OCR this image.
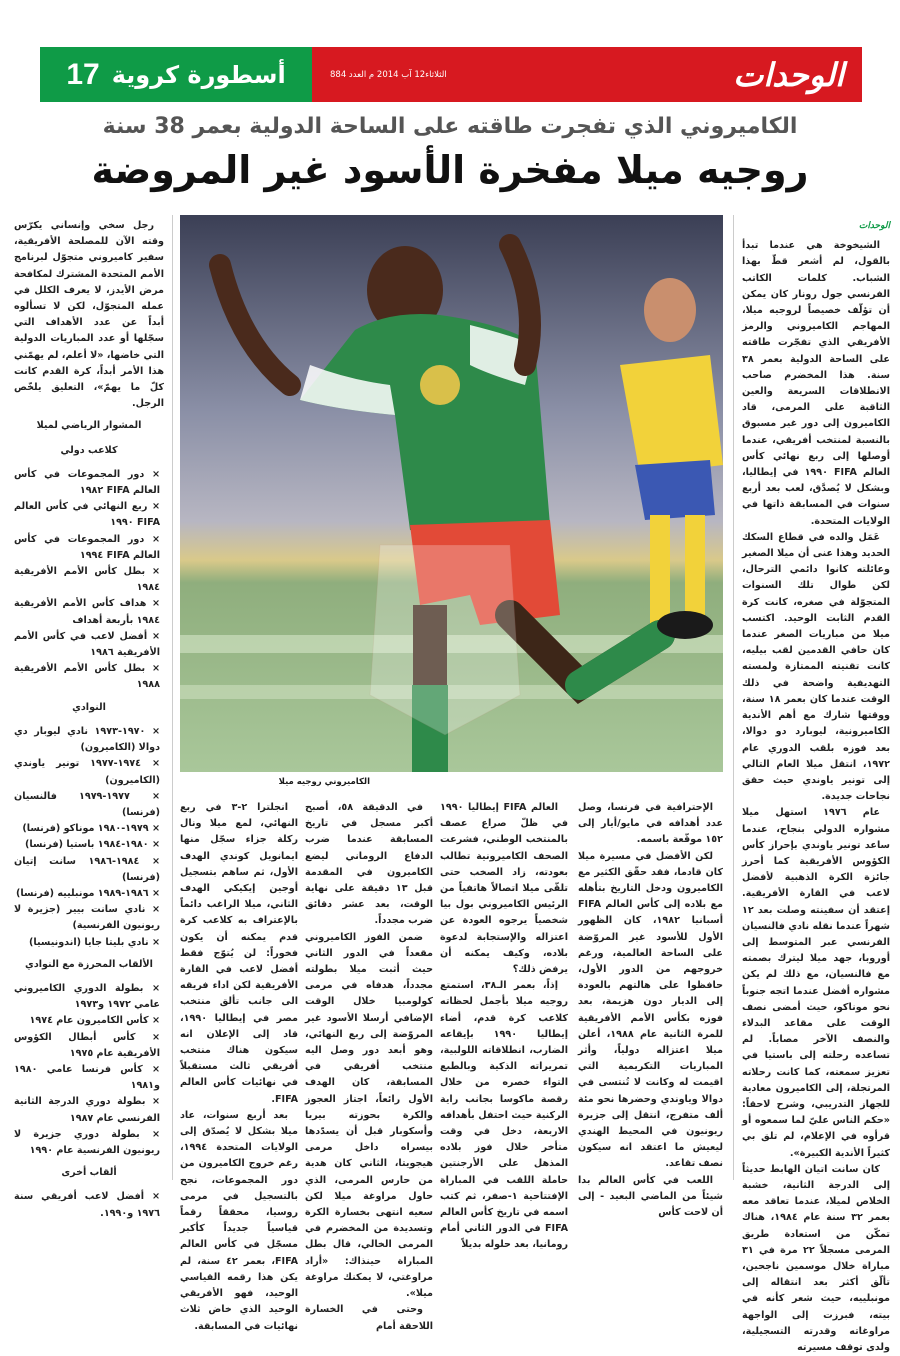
17 أسطورة كروية	الثلاثاء12 آب 2014 م العدد 884	الوحدات
الكاميروني الذي تفجرت طاقته على الساحة الدولية بعمر 38 سنة
روجيه ميلا مفخرة الأسود غير المروضة
الكاميروني روجيه ميلا
الوحدات

الشيخوخة هي عندما تبدأ بالقول، لم أشعر قطّ بهذا الشباب. كلمات الكاتب الفرنسي جول رونار كان يمكن أن تؤلّف خصيصاً لروجيه ميلا، المهاجم الكاميروني والرمز الأفريقي الذي تفجّرت طاقته على الساحة الدولية بعمر ٣٨ سنة. هذا المخضرم صاحب الانطلاقات السريعة والعين الثاقبة على المرمى، قاد الكاميرون إلى دور غير مسبوق بالنسبة لمنتخب أفريقي، عندما أوصلها إلى ربع نهائي كأس العالم FIFA ١٩٩٠ في إيطاليا، وبشكل لا يُصدَّق، لعب بعد أربع سنوات في المسابقة ذاتها في الولايات المتحدة.

عَمَل والده في قطاع السكك الحديد وهذا عنى أن ميلا الصغير وعائلته كانوا دائمي الترحال، لكن طوال تلك السنوات المتجوّلة في صغره، كانت كرة القدم الثابت الوحيد. اكتسب ميلا من مباريات الصغر عندما كان حافي القدمين لقب بيليه، كانت تقنيته الممتازة ولمسته التهديفية واضحة في ذلك الوقت عندما كان بعمر ١٨ سنة، ووقتها شارك مع أهم الأندية الكاميرونية، ليوبارد دو دوالا، بعد فوزه بلقب الدوري عام ١٩٧٢، انتقل ميلا العام التالي إلى تونير ياوندي حيث حقق نجاحات جديدة.

عام ١٩٧٦ استهل ميلا مشواره الدولي بنجاح، عندما ساعد تونير ياوندي بإحراز كأس الكؤوس الأفريقية كما أحرز جائزة الكرة الذهبية لأفضل لاعب في القارة الأفريقية. إعتقد أن سفينته وصلت بعد ١٢ شهراً عندما نقله نادي فالنسيان الفرنسي عبر المتوسط إلى أوروبا، جهد ميلا ليترك بصمته مع فالنسيان، مع ذلك لم يكن مشواره أفضل عندما اتجه جنوباً نحو موناكو، حيث أمضى نصف الوقت على مقاعد البدلاء والنصف الآخر مصاباً. لم تساعده رحلته إلى باستيا في تعزيز سمعته، كما كانت رحلاته المرتجلة، إلى الكاميرون معادية للجهاز التدريبي، وشرح لاحقاً: «حكم الناس عليّ لما سمعوه أو قرأوه في الإعلام، لم تلق بي كثيراً الأندية الكبيرة».

كان سانت اتيان الهابط حديثاً إلى الدرجة الثانية، خشبة الخلاص لميلا، عندما تعاقد معه بعمر ٣٢ سنة عام ١٩٨٤، هناك تمكّن من استعادة طريق المرمى مسجلاً ٢٢ مرة في ٣١ مباراة خلال موسمين ناجحين، تألّق أكثر بعد انتقاله إلى مونبلييه، حيث شعر كأنه في بيته، فبرزت إلى الواجهة مراوغاته وقدرته التسجيلية، ولدى توقف مسيرته

الإحترافية في فرنسا، وصل عدد أهدافه في مايو/أيار إلى ١٥٢ موقّعة باسمه.

لكن الأفضل في مسيرة ميلا كان قادما، فقد حقّق الكثير مع الكاميرون ودخل التاريخ بتأهله مع بلاده إلى كأس العالم FIFA أسبانيا ١٩٨٢، كان الظهور الأول للأسود غير المروّضة على الساحة العالمية، ورغم خروجهم من الدور الأول، حافظوا على هالتهم بالعودة إلى الديار دون هزيمة، بعد فوزه بكأس الأمم الأفريقية للمرة الثانية عام ١٩٨٨، أعلن ميلا اعتزاله دولياً، وأثر المباريات التكريمية التي اقيمت له وكانت لا تُنتسى في دوالا وياوندي وحضرها نحو مئة ألف متفرج، انتقل إلى جزيرة ريونيون في المحيط الهندي ليعيش ما اعتقد انه سيكون نصف تقاعد.

اللعب في كأس العالم بدا شيئاً من الماضي البعيد - إلى أن لاحت كأس

العالم FIFA إيطاليا ١٩٩٠ في ظلّ صراع عصف بالمنتخب الوطني، فشرعت الصحف الكاميرونية تطالب بعودته، زاد الصخب حتى تلقّى ميلا اتصالاً هاتفياً من الرئيس الكاميروني بول بيا شخصياً يرجوه العودة عن اعتزاله والإستجابة لدعوة بلاده، وكيف يمكنه أن يرفض ذلك؟

إذاً، بعمر الـ٣٨، استمتع روجيه ميلا بأجمل لحظاته كلاعب كرة قدم، أضاء إيطاليا ١٩٩٠ بإيقاعه الضارب، انطلاقاته اللولبية، تمريراته الذكية وبالطبع التواء خصره من خلال رقصة ماكوسا بجانب راية الركنية حيث احتفل بأهدافه الاربعة، دخل في وقت متأخر خلال فوز بلاده المذهل على الأرجنتين حاملة اللقب في المباراة الإفتتاحية ١-صفر، ثم كتب اسمه في تاريخ كأس العالم FIFA في الدور الثاني أمام رومانيا، بعد حلوله بديلاً

في الدقيقة ٥٨، أصبح أكبر مسجل في تاريخ المسابقة عندما ضرب الدفاع الروماني ليضع الكاميرون في المقدمة قبل ١٣ دقيقة على نهاية الوقت، بعد عشر دقائق ضرب مجدداً.

ضمن الفوز الكاميروني مقعداً في الدور الثاني حيث أثبت ميلا بطولته مجدداً، هدفاه في مرمى كولومبيا خلال الوقت الإضافي أرسلا الأسود غير المروّضة إلى ربع النهائي، وهو أبعد دور وصل اليه منتخب أفريقي في المسابقة، كان الهدف الأول رائعاً، اجتاز العجوز والكرة بحوزته بيريا وأسكوبار قبل أن يسدّدها بيسراه داخل مرمى هيجويتا، الثاني كان هدية من حارس المرمى، الذي حاول مراوغة ميلا لكن سعيه انتهى بخسارة الكرة وتسديدة من المخضرم في المرمى الخالي، قال بطل المباراة حينذاك: «أراد مراوغتي، لا يمكنك مراوغة ميلا».

وحتى في الخسارة اللاحقة أمام

انجلترا ٢-٣ في ربع النهائي، لمع ميلا ونال ركلة جزاء سجّل منها ايمانويل كوندي الهدف الأول، ثم ساهم بتسجيل أوجين إيكيكي الهدف الثاني، ميلا الراغب دائماً بالإعتراف به كلاعب كرة قدم يمكنه أن يكون فخوراً: لن يُتوّج فقط أفضل لاعب في القارة الأفريقية لكن اداء فريقه الى جانب تألق منتخب مصر في إيطاليا ١٩٩٠، قاد إلى الإعلان انه سيكون هناك منتخب أفريقي ثالث مستقبلاً في نهائيات كأس العالم FIFA.

بعد أربع سنوات، عاد ميلا بشكل لا يُصدّق إلى الولايات المتحدة ١٩٩٤، رغم خروج الكاميرون من دور المجموعات، نجح بالتسجيل في مرمى روسيا، محققاً رقماً قياسياً جديداً كأكبر مسجّل في كأس العالم FIFA، بعمر ٤٢ سنة، لم يكن هذا رقمه القياسي الوحيد، فهو الأفريقي الوحيد الذي خاض ثلاث نهائيات في المسابقة.

رجل سخي وإنساني يكرّس وقته الآن للمصلحة الأفريقية، سفير كاميروني متجوّل لبرنامج الأمم المتحدة المشترك لمكافحة مرض الأيدز، لا يعرف الكلل في عمله المتجوّل، لكن لا تسألوه أبداً عن عدد الأهداف التي سجّلها أو عدد المباريات الدولية التي خاضها، «لا أعلم، لم يهمّني هذا الأمر أبداً، كرة القدم كانت كلّ ما يهمّ»، التعليق يلخّص الرجل.

المشوار الرياضي لميلا

كلاعب دولي

× دور المجموعات في كأس العالم FIFA ١٩٨٢

× ربع النهائي في كأس العالم FIFA ١٩٩٠

× دور المجموعات في كأس العالم FIFA ١٩٩٤

× بطل كأس الأمم الأفريقية ١٩٨٤

× هداف كأس الأمم الأفريقية ١٩٨٤ بأربعة أهداف

× أفضل لاعب في كأس الأمم الأفريقية ١٩٨٦

× بطل كأس الأمم الأفريقية ١٩٨٨

النوادي

× ١٩٧٠-١٩٧٣ نادي ليوبار دي دوالا (الكاميرون)

× ١٩٧٤-١٩٧٧ تونير ياوندي (الكاميرون)

× ١٩٧٧-١٩٧٩ فالنسيان (فرنسا)

× ١٩٧٩-١٩٨٠ موناكو (فرنسا)

× ١٩٨٠-١٩٨٤ باستيا (فرنسا)

× ١٩٨٤-١٩٨٦ سانت إتيان (فرنسا)

× ١٩٨٦-١٩٨٩ مونبلييه (فرنسا)

× نادي سانت بيير (جزيرة لا ريونيون الفرنسية)

× نادي بليتا جايا (اندونيسيا)

الألقاب المحرزة مع النوادي

× بطولة الدوري الكاميروني عامي ١٩٧٢ و١٩٧٣

× كأس الكاميرون عام ١٩٧٤

× كأس أبطال الكؤوس الأفريقية عام ١٩٧٥

× كأس فرنسا عامي ١٩٨٠ و١٩٨١

× بطولة دوري الدرجة الثانية الفرنسي عام ١٩٨٧

× بطولة دوري جزيرة لا ريونيون الفرنسية عام ١٩٩٠

ألقاب أخرى

× أفضل لاعب أفريقي سنة ١٩٧٦ و١٩٩٠.
